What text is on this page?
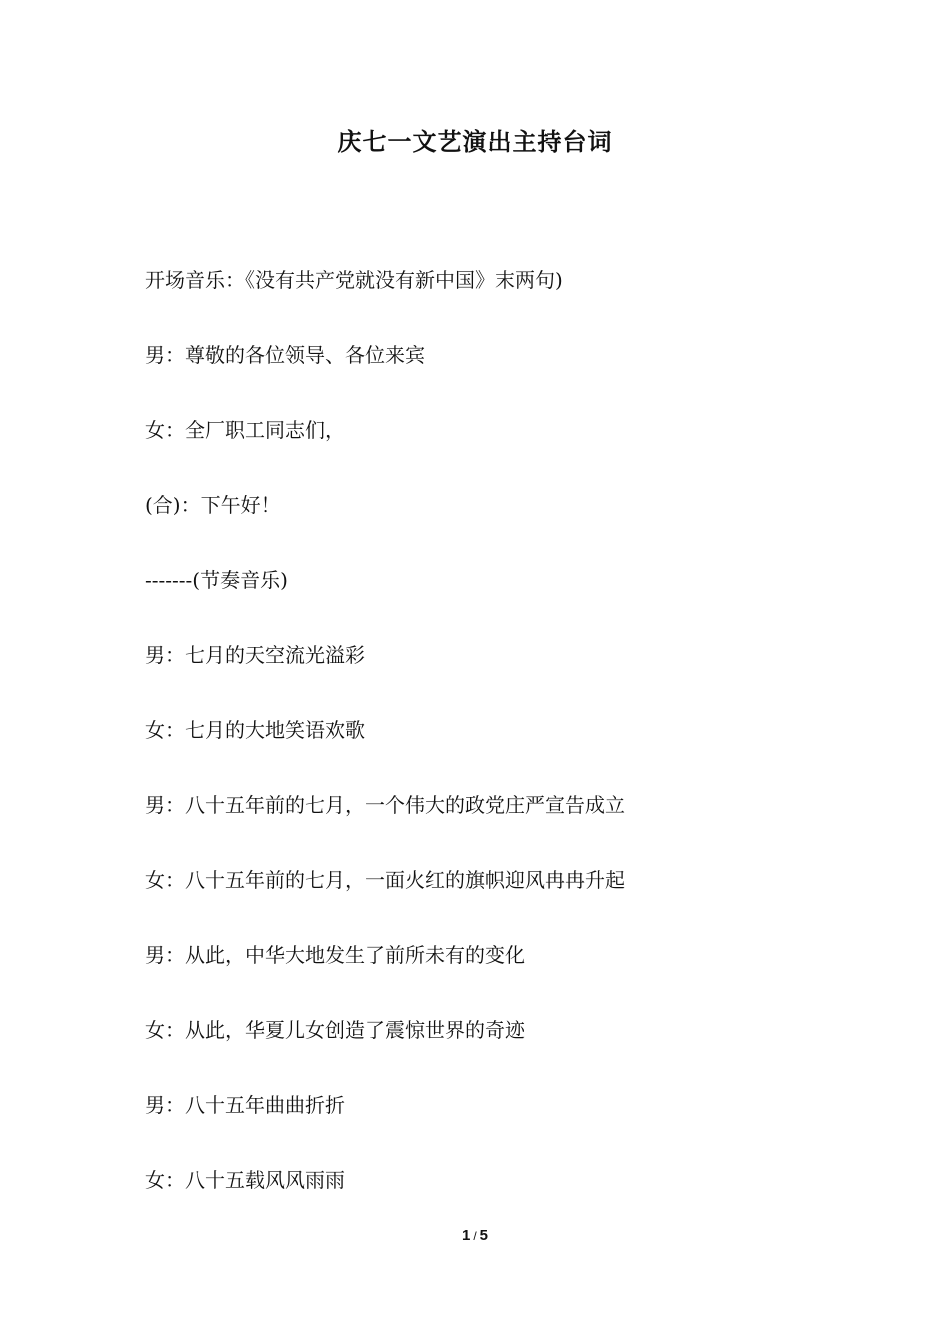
庆七一文艺演出主持台词

开场音乐：《没有共产党就没有新中国》末两句)

男：尊敬的各位领导、各位来宾

女：全厂职工同志们，

(合)：下午好！

-------(节奏音乐)

男：七月的天空流光溢彩

女：七月的大地笑语欢歌

男：八十五年前的七月，一个伟大的政党庄严宣告成立

女：八十五年前的七月，一面火红的旗帜迎风冉冉升起

男：从此，中华大地发生了前所未有的变化

女：从此，华夏儿女创造了震惊世界的奇迹

男：八十五年曲曲折折

女：八十五载风风雨雨

1 / 5
